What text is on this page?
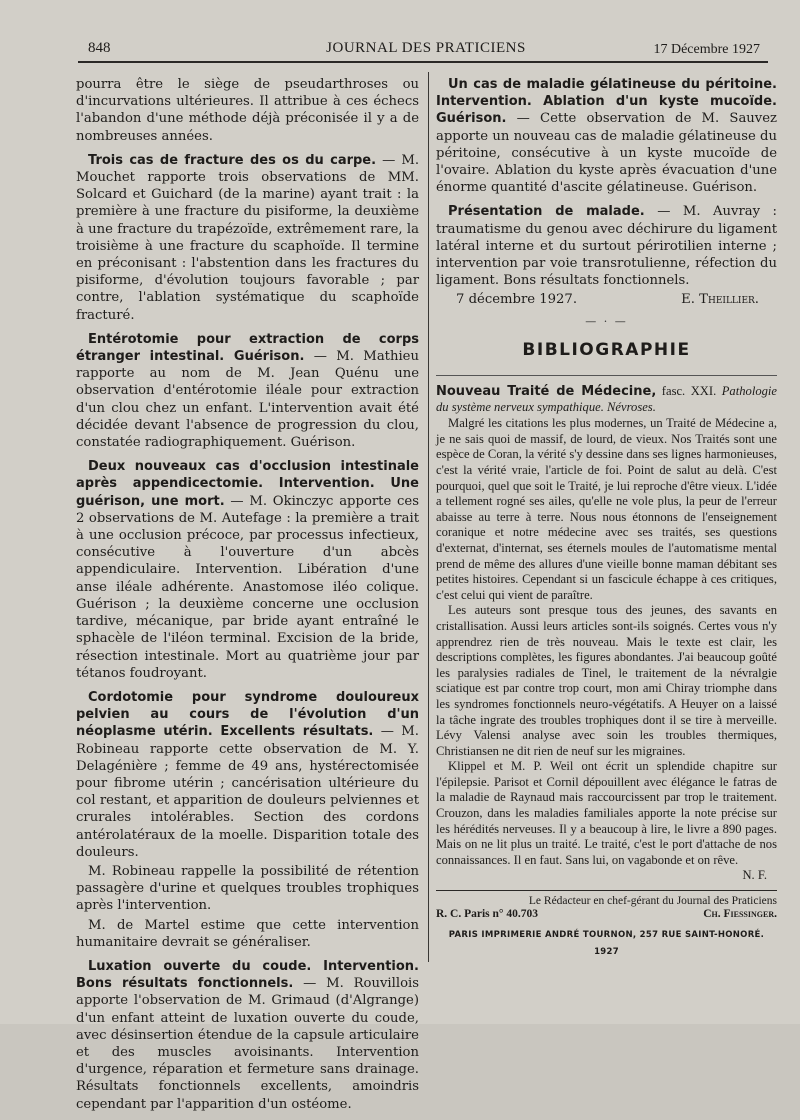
848	JOURNAL DES PRATICIENS	17 Décembre 1927

pourra être le siège de pseudarthroses ou d'incurvations ultérieures. Il attribue à ces échecs l'abandon d'une méthode déjà préconisée il y a de nombreuses années.

Trois cas de fracture des os du carpe. — M. Mouchet rapporte trois observations de MM. Solcard et Guichard (de la marine) ayant trait : la première à une fracture du pisiforme, la deuxième à une fracture du trapézoïde, extrêmement rare, la troisième à une fracture du scaphoïde. Il termine en préconisant : l'abstention dans les fractures du pisiforme, d'évolution toujours favorable ; par contre, l'ablation systématique du scaphoïde fracturé.

Entérotomie pour extraction de corps étranger intestinal. Guérison. — M. Mathieu rapporte au nom de M. Jean Quénu une observation d'entérotomie iléale pour extraction d'un clou chez un enfant. L'intervention avait été décidée devant l'absence de progression du clou, constatée radiographiquement. Guérison.

Deux nouveaux cas d'occlusion intestinale après appendicectomie. Intervention. Une guérison, une mort. — M. Okinczyc apporte ces 2 observations de M. Autefage : la première a trait à une occlusion précoce, par processus infectieux, consécutive à l'ouverture d'un abcès appendiculaire. Intervention. Libération d'une anse iléale adhérente. Anastomose iléo colique. Guérison ; la deuxième concerne une occlusion tardive, mécanique, par bride ayant entraîné le sphacèle de l'iléon terminal. Excision de la bride, résection intestinale. Mort au quatrième jour par tétanos foudroyant.

Cordotomie pour syndrome douloureux pelvien au cours de l'évolution d'un néoplasme utérin. Excellents résultats. — M. Robineau rapporte cette observation de M. Y. Delagénière ; femme de 49 ans, hystérectomisée pour fibrome utérin ; cancérisation ultérieure du col restant, et apparition de douleurs pelviennes et crurales intolérables. Section des cordons antérolatéraux de la moelle. Disparition totale des douleurs.

M. Robineau rappelle la possibilité de rétention passagère d'urine et quelques troubles trophiques après l'intervention.

M. de Martel estime que cette intervention humanitaire devrait se généraliser.

Luxation ouverte du coude. Intervention. Bons résultats fonctionnels. — M. Rouvillois apporte l'observation de M. Grimaud (d'Algrange) d'un enfant atteint de luxation ouverte du coude, avec désinsertion étendue de la capsule articulaire et des muscles avoisinants. Intervention d'urgence, réparation et fermeture sans drainage. Résultats fonctionnels excellents, amoindris cependant par l'apparition d'un ostéome.

Un cas de maladie gélatineuse du péritoine. Intervention. Ablation d'un kyste mucoïde. Guérison. — Cette observation de M. Sauvez apporte un nouveau cas de maladie gélatineuse du péritoine, consécutive à un kyste mucoïde de l'ovaire. Ablation du kyste après évacuation d'une énorme quantité d'ascite gélatineuse. Guérison.

Présentation de malade. — M. Auvray : traumatisme du genou avec déchirure du ligament latéral interne et du surtout périrotilien interne ; intervention par voie transrotulienne, réfection du ligament. Bons résultats fonctionnels.

7 décembre 1927.	E. Theillier.
— · —
BIBLIOGRAPHIE

Nouveau Traité de Médecine, fasc. XXI. Pathologie du système nerveux sympathique. Névroses.

Malgré les citations les plus modernes, un Traité de Médecine a, je ne sais quoi de massif, de lourd, de vieux. Nos Traités sont une espèce de Coran, la vérité s'y dessine dans ses lignes harmonieuses, c'est la vérité vraie, l'article de foi. Point de salut au delà. C'est pourquoi, quel que soit le Traité, je lui reproche d'être vieux. L'idée a tellement rogné ses ailes, qu'elle ne vole plus, la peur de l'erreur abaisse au terre à terre. Nous nous étonnons de l'enseignement coranique et notre médecine avec ses traités, ses questions d'externat, d'internat, ses éternels moules de l'automatisme mental prend de même des allures d'une vieille bonne maman débitant ses petites histoires. Cependant si un fascicule échappe à ces critiques, c'est celui qui vient de paraître.

Les auteurs sont presque tous des jeunes, des savants en cristallisation. Aussi leurs articles sont-ils soignés. Certes vous n'y apprendrez rien de très nouveau. Mais le texte est clair, les descriptions complètes, les figures abondantes. J'ai beaucoup goûté les paralysies radiales de Tinel, le traitement de la névralgie sciatique est par contre trop court, mon ami Chiray triomphe dans les syndromes fonctionnels neuro-végétatifs. A Heuyer on a laissé la tâche ingrate des troubles trophiques dont il se tire à merveille. Lévy Valensi analyse avec soin les troubles thermiques, Christiansen ne dit rien de neuf sur les migraines.

Klippel et M. P. Weil ont écrit un splendide chapitre sur l'épilepsie. Parisot et Cornil dépouillent avec élégance le fatras de la maladie de Raynaud mais raccourcissent par trop le traitement. Crouzon, dans les maladies familiales apporte la note précise sur les hérédités nerveuses. Il y a beaucoup à lire, le livre a 890 pages. Mais on ne lit plus un traité. Le traité, c'est le port d'attache de nos connaissances. Il en faut. Sans lui, on vagabonde et on rêve.

N. F.
Le Rédacteur en chef-gérant du Journal des Praticiens
R. C. Paris n° 40.703	Ch. Fiessinger.
PARIS IMPRIMERIE ANDRÉ TOURNON, 257 RUE SAINT-HONORÉ. 1927
